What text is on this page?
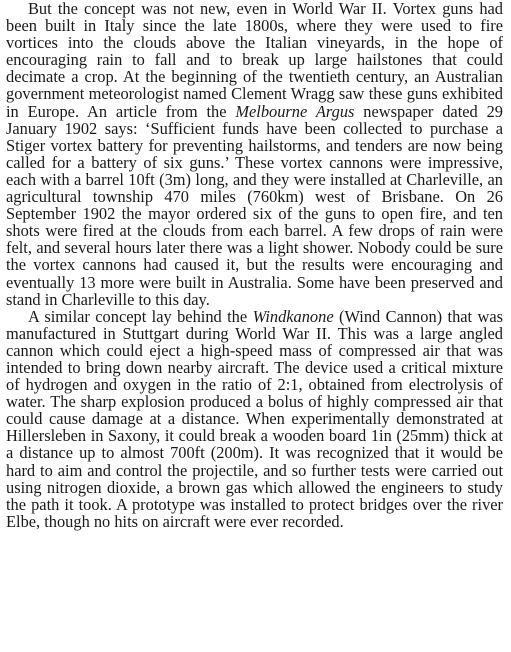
But the concept was not new, even in World War II. Vortex guns had been built in Italy since the late 1800s, where they were used to fire vortices into the clouds above the Italian vineyards, in the hope of encouraging rain to fall and to break up large hailstones that could decimate a crop. At the beginning of the twentieth century, an Australian government meteorologist named Clement Wragg saw these guns exhibited in Europe. An article from the Melbourne Argus newspaper dated 29 January 1902 says: ‘Sufficient funds have been collected to purchase a Stiger vortex battery for preventing hailstorms, and tenders are now being called for a battery of six guns.’ These vortex cannons were impressive, each with a barrel 10ft (3m) long, and they were installed at Charleville, an agricultural township 470 miles (760km) west of Brisbane. On 26 September 1902 the mayor ordered six of the guns to open fire, and ten shots were fired at the clouds from each barrel. A few drops of rain were felt, and several hours later there was a light shower. Nobody could be sure the vortex cannons had caused it, but the results were encouraging and eventually 13 more were built in Australia. Some have been preserved and stand in Charleville to this day.

A similar concept lay behind the Windkanone (Wind Cannon) that was manufactured in Stuttgart during World War II. This was a large angled cannon which could eject a high-speed mass of compressed air that was intended to bring down nearby aircraft. The device used a critical mixture of hydrogen and oxygen in the ratio of 2:1, obtained from electrolysis of water. The sharp explosion produced a bolus of highly compressed air that could cause damage at a distance. When experimentally demonstrated at Hillersleben in Saxony, it could break a wooden board 1in (25mm) thick at a distance up to almost 700ft (200m). It was recognized that it would be hard to aim and control the projectile, and so further tests were carried out using nitrogen dioxide, a brown gas which allowed the engineers to study the path it took. A prototype was installed to protect bridges over the river Elbe, though no hits on aircraft were ever recorded.
